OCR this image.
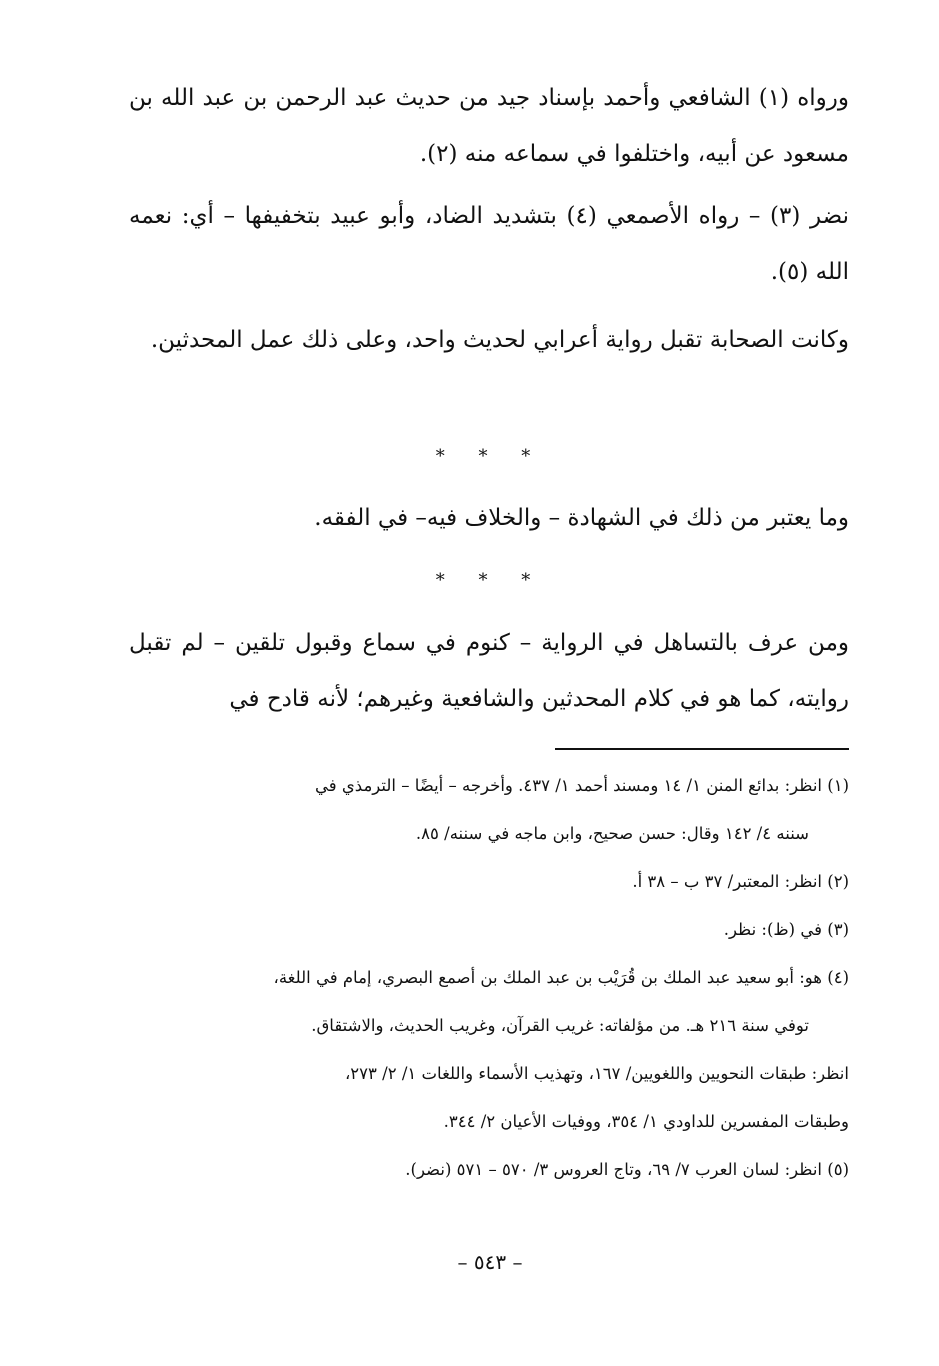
ورواه (١) الشافعي وأحمد بإسناد جيد من حديث عبد الرحمن بن عبد الله بن مسعود عن أبيه، واختلفوا في سماعه منه (٢).

نضر (٣) – رواه الأصمعي (٤) بتشديد الضاد، وأبو عبيد بتخفيفها – أي: نعمه الله (٥).

وكانت الصحابة تقبل رواية أعرابي لحديث واحد، وعلى ذلك عمل المحدثين.

* * *

وما يعتبر من ذلك في الشهادة – والخلاف فيه– في الفقه.

* * *

ومن عرف بالتساهل في الرواية – كنوم في سماع وقبول تلقين – لم تقبل روايته، كما هو في كلام المحدثين والشافعية وغيرهم؛ لأنه قادح في

(١) انظر: بدائع المنن ١/ ١٤ ومسند أحمد ١/ ٤٣٧. وأخرجه – أيضًا – الترمذي في

سننه ٤/ ١٤٢ وقال: حسن صحيح، وابن ماجه في سننه/ ٨٥.

(٢) انظر: المعتبر/ ٣٧ ب – ٣٨ أ.

(٣) في (ظ): نظر.

(٤) هو: أبو سعيد عبد الملك بن قُرَيْب بن عبد الملك بن أصمع البصري، إمام في اللغة،

توفي سنة ٢١٦ هـ. من مؤلفاته: غريب القرآن، وغريب الحديث، والاشتقاق.

انظر: طبقات النحويين واللغويين/ ١٦٧، وتهذيب الأسماء واللغات ١/ ٢/ ٢٧٣،

وطبقات المفسرين للداودي ١/ ٣٥٤، ووفيات الأعيان ٢/ ٣٤٤.

(٥) انظر: لسان العرب ٧/ ٦٩، وتاج العروس ٣/ ٥٧٠ – ٥٧١ (نضر).

– ٥٤٣ –
